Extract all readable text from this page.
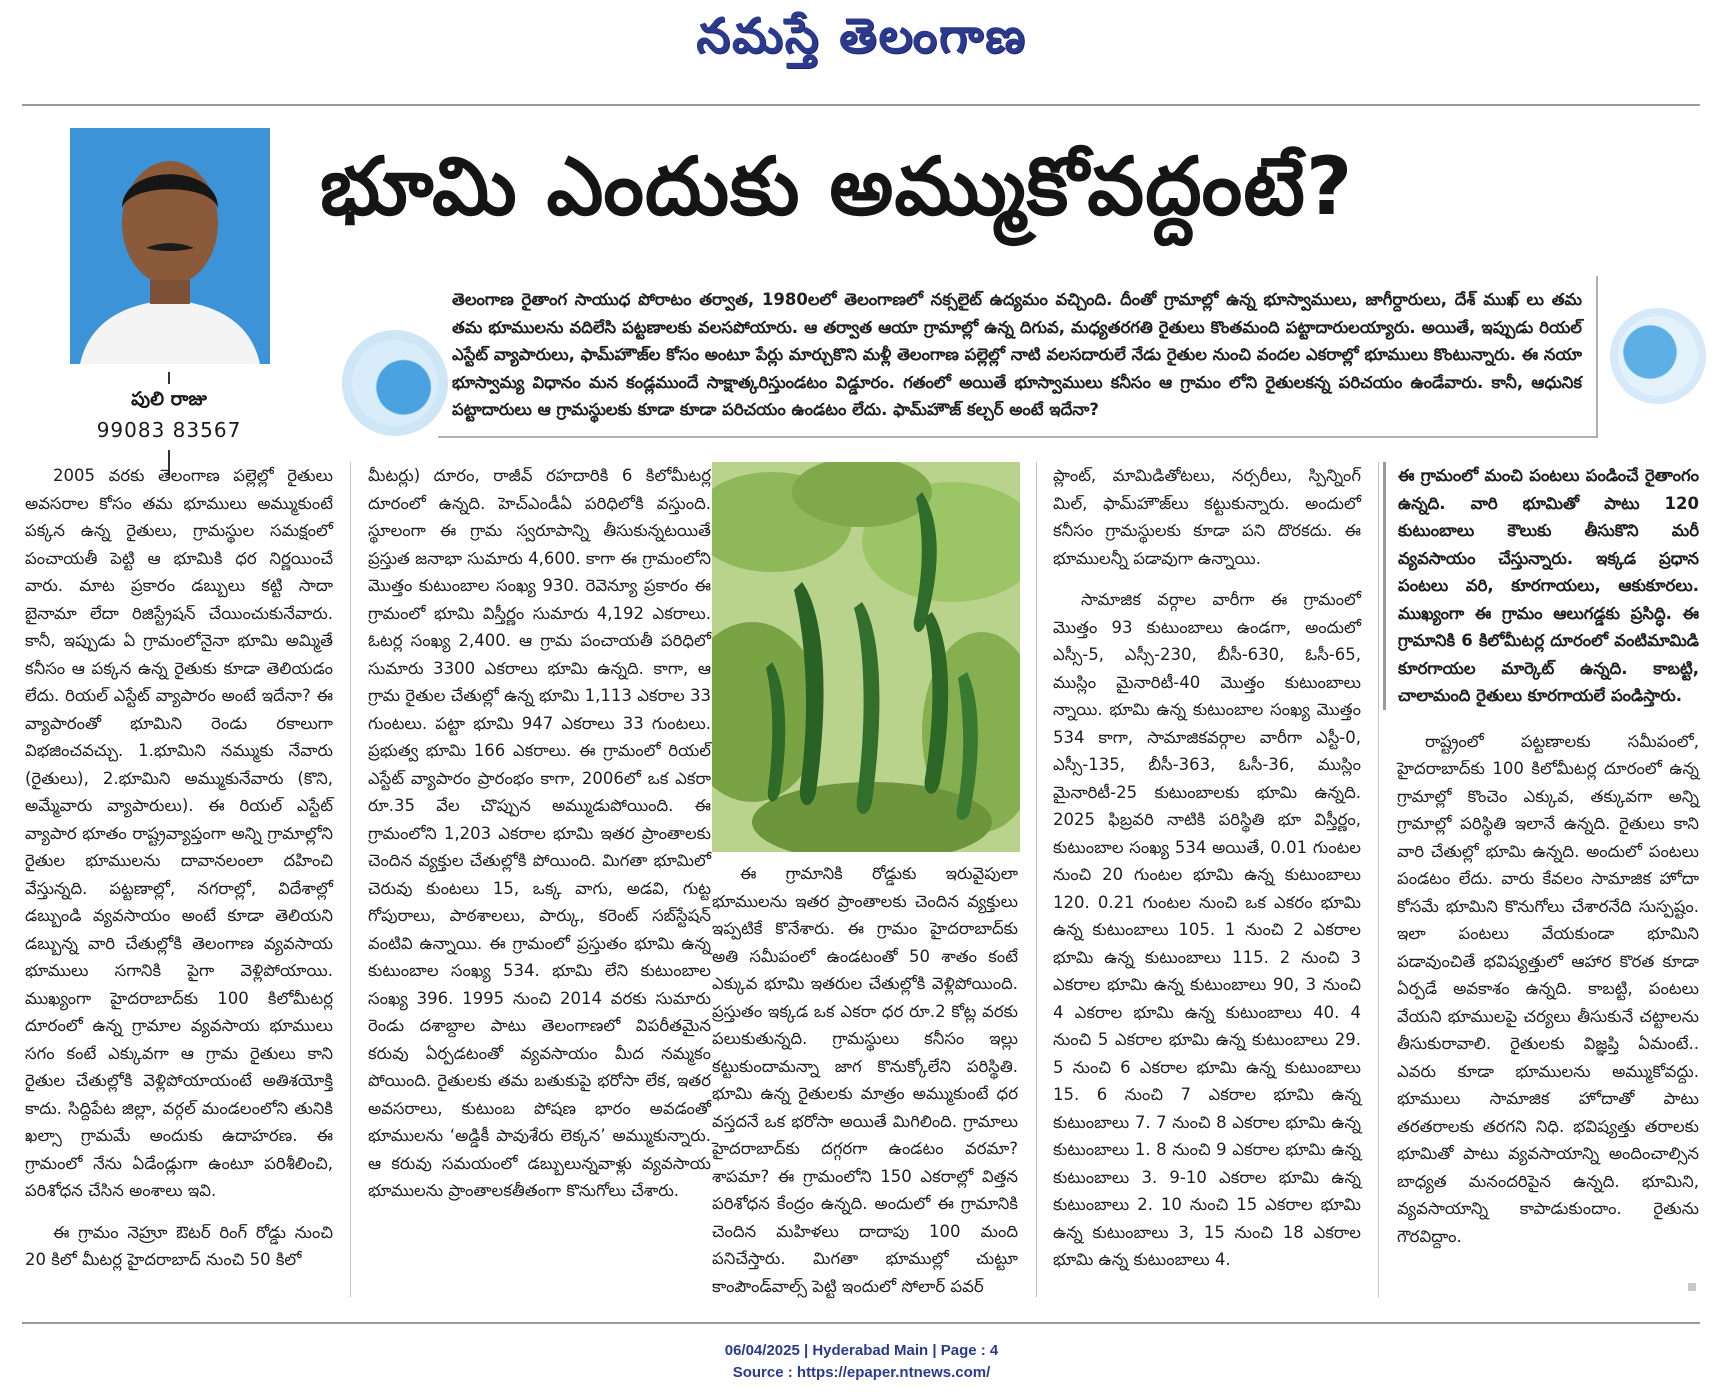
నమస్తే తెలంగాణ
పులి రాజు
99083 83567
భూమి ఎందుకు అమ్ముకోవద్దంటే?
తెలంగాణ రైతాంగ సాయుధ పోరాటం తర్వాత, 1980లలో తెలంగాణలో నక్సలైట్ ఉద్యమం వచ్చింది. దీంతో గ్రామాల్లో ఉన్న భూస్వాములు, జాగీర్దారులు, దేశ్ ముఖ్ లు తమ తమ భూములను వదిలేసి పట్టణాలకు వలసపోయారు. ఆ తర్వాత ఆయా గ్రామాల్లో ఉన్న దిగువ, మధ్యతరగతి రైతులు కొంతమంది పట్టాదారులయ్యారు. అయితే, ఇప్పుడు రియల్ ఎస్టేట్ వ్యాపారులు, ఫామ్‌హౌజ్‌ల కోసం అంటూ పేర్లు మార్చుకొని మళ్లీ తెలంగాణ పల్లెల్లో నాటి వలసదారులే నేడు రైతుల నుంచి వందల ఎకరాల్లో భూములు కొంటున్నారు. ఈ నయా భూస్వామ్య విధానం మన కండ్లముందే సాక్షాత్కరిస్తుండటం విడ్డూరం. గతంలో అయితే భూస్వాములు కనీసం ఆ గ్రామం లోని రైతులకన్న పరిచయం ఉండేవారు. కానీ, ఆధునిక పట్టాదారులు ఆ గ్రామస్థులకు కూడా కూడా పరిచయం ఉండటం లేదు. ఫామ్‌హౌజ్ కల్చర్ అంటే ఇదేనా?

2005 వరకు తెలంగాణ పల్లెల్లో రైతులు అవసరాల కోసం తమ భూములు అమ్ముకుంటే పక్కన ఉన్న రైతులు, గ్రామస్థుల సమక్షంలో పంచాయతీ పెట్టి ఆ భూమికి ధర నిర్ణయించే వారు. మాట ప్రకారం డబ్బులు కట్టి సాదా బైనామా లేదా రిజిస్ట్రేషన్ చేయించుకునేవారు. కానీ, ఇప్పుడు ఏ గ్రామంలోనైనా భూమి అమ్మితే కనీసం ఆ పక్కన ఉన్న రైతుకు కూడా తెలియడం లేదు. రియల్ ఎస్టేట్ వ్యాపారం అంటే ఇదేనా? ఈ వ్యాపారంతో భూమిని రెండు రకాలుగా విభజించవచ్చు. 1.భూమిని నమ్ముకు నేవారు (రైతులు), 2.భూమిని అమ్ముకునేవారు (కొని, అమ్మేవారు వ్యాపారులు). ఈ రియల్ ఎస్టేట్ వ్యాపార భూతం రాష్ట్రవ్యాప్తంగా అన్ని గ్రామాల్లోని రైతుల భూములను దావానలంలా దహించి వేస్తున్నది. పట్టణాల్లో, నగరాల్లో, విదేశాల్లో డబ్బుండి వ్యవసాయం అంటే కూడా తెలియని డబ్బున్న వారి చేతుల్లోకి తెలంగాణ వ్యవసాయ భూములు సగానికి పైగా వెళ్లిపోయాయి. ముఖ్యంగా హైదరాబాద్‌కు 100 కిలోమీటర్ల దూరంలో ఉన్న గ్రామాల వ్యవసాయ భూములు సగం కంటే ఎక్కువగా ఆ గ్రామ రైతులు కాని రైతుల చేతుల్లోకి వెళ్లిపోయాయంటే అతిశయోక్తి కాదు. సిద్దిపేట జిల్లా, వర్గల్ మండలంలోని తునికి ఖల్సా గ్రామమే అందుకు ఉదాహరణ. ఈ గ్రామంలో నేను ఏడేండ్లుగా ఉంటూ పరిశీలించి, పరిశోధన చేసిన అంశాలు ఇవి.

ఈ గ్రామం నెహ్రూ ఔటర్ రింగ్ రోడ్డు నుంచి 20 కిలో మీటర్ల హైదరాబాద్ నుంచి 50 కిలో

మీటర్లు) దూరం, రాజీవ్ రహదారికి 6 కిలోమీటర్ల దూరంలో ఉన్నది. హెచ్ఎండీఏ పరిధిలోకి వస్తుంది. స్థూలంగా ఈ గ్రామ స్వరూపాన్ని తీసుకున్నటయితే ప్రస్తుత జనాభా సుమారు 4,600. కాగా ఈ గ్రామంలోని మొత్తం కుటుంబాల సంఖ్య 930. రెవెన్యూ ప్రకారం ఈ గ్రామంలో భూమి విస్తీర్ణం సుమారు 4,192 ఎకరాలు. ఓటర్ల సంఖ్య 2,400. ఆ గ్రామ పంచాయతీ పరిధిలో సుమారు 3300 ఎకరాలు భూమి ఉన్నది. కాగా, ఆ గ్రామ రైతుల చేతుల్లో ఉన్న భూమి 1,113 ఎకరాల 33 గుంటలు. పట్టా భూమి 947 ఎకరాలు 33 గుంటలు. ప్రభుత్వ భూమి 166 ఎకరాలు. ఈ గ్రామంలో రియల్ ఎస్టేట్ వ్యాపారం ప్రారంభం కాగా, 2006లో ఒక ఎకరా రూ.35 వేల చొప్పున అమ్ముడుపోయింది. ఈ గ్రామంలోని 1,203 ఎకరాల భూమి ఇతర ప్రాంతాలకు చెందిన వ్యక్తుల చేతుల్లోకి పోయింది. మిగతా భూమిలో చెరువు కుంటలు 15, ఒక్క వాగు, అడవి, గుట్ట గోపురాలు, పాఠశాలలు, పార్కు, కరెంట్ సబ్‌స్టేషన్ వంటివి ఉన్నాయి. ఈ గ్రామంలో ప్రస్తుతం భూమి ఉన్న కుటుంబాల సంఖ్య 534. భూమి లేని కుటుంబాల సంఖ్య 396. 1995 నుంచి 2014 వరకు సుమారు రెండు దశాబ్దాల పాటు తెలంగాణలో విపరీతమైన కరువు ఏర్పడటంతో వ్యవసాయం మీద నమ్మకం పోయింది. రైతులకు తమ బతుకుపై భరోసా లేక, ఇతర అవసరాలు, కుటుంబ పోషణ భారం అవడంతో భూములను ‘అడ్డికీ పావుశేరు లెక్కన’ అమ్ముకున్నారు. ఆ కరువు సమయంలో డబ్బులున్నవాళ్లు వ్యవసాయ భూములను ప్రాంతాలకతీతంగా కొనుగోలు చేశారు.

ఈ గ్రామానికి రోడ్డుకు ఇరువైపులా భూములను ఇతర ప్రాంతాలకు చెందిన వ్యక్తులు ఇప్పటికే కొనేశారు. ఈ గ్రామం హైదరాబాద్‌కు అతి సమీపంలో ఉండటంతో 50 శాతం కంటే ఎక్కువ భూమి ఇతరుల చేతుల్లోకి వెళ్లిపోయింది. ప్రస్తుతం ఇక్కడ ఒక ఎకరా ధర రూ.2 కోట్ల వరకు పలుకుతున్నది. గ్రామస్థులు కనీసం ఇల్లు కట్టుకుందామన్నా జాగ కొనుక్కోలేని పరిస్థితి. భూమి ఉన్న రైతులకు మాత్రం అమ్ముకుంటే ధర వస్తదనే ఒక భరోసా అయితే మిగిలింది. గ్రామాలు హైదరాబాద్‌కు దగ్గరగా ఉండటం వరమా? శాపమా? ఈ గ్రామంలోని 150 ఎకరాల్లో విత్తన పరిశోధన కేంద్రం ఉన్నది. అందులో ఈ గ్రామానికి చెందిన మహిళలు దాదాపు 100 మంది పనిచేస్తారు. మిగతా భూముల్లో చుట్టూ కాంపౌండ్‌వాల్స్ పెట్టి ఇందులో సోలార్ పవర్

ప్లాంట్, మామిడితోటలు, నర్సరీలు, స్పిన్నింగ్ మిల్, ఫామ్‌హౌజ్‌లు కట్టుకున్నారు. అందులో కనీసం గ్రామస్థులకు కూడా పని దొరకదు. ఈ భూములన్నీ పడావుగా ఉన్నాయి.

సామాజిక వర్గాల వారీగా ఈ గ్రామంలో మొత్తం 93 కుటుంబాలు ఉండగా, అందులో ఎస్సీ-5, ఎస్సీ-230, బీసీ-630, ఓసీ-65, ముస్లిం మైనారిటీ-40 మొత్తం కుటుంబాలు న్నాయి. భూమి ఉన్న కుటుంబాల సంఖ్య మొత్తం 534 కాగా, సామాజికవర్గాల వారీగా ఎస్టీ-0, ఎస్సీ-135, బీసీ-363, ఓసీ-36, ముస్లిం మైనారిటీ-25 కుటుంబాలకు భూమి ఉన్నది. 2025 ఫిబ్రవరి నాటికి పరిస్థితి భూ విస్తీర్ణం, కుటుంబాల సంఖ్య 534 అయితే, 0.01 గుంటల నుంచి 20 గుంటల భూమి ఉన్న కుటుంబాలు 120. 0.21 గుంటల నుంచి ఒక ఎకరం భూమి ఉన్న కుటుంబాలు 105. 1 నుంచి 2 ఎకరాల భూమి ఉన్న కుటుంబాలు 115. 2 నుంచి 3 ఎకరాల భూమి ఉన్న కుటుంబాలు 90, 3 నుంచి 4 ఎకరాల భూమి ఉన్న కుటుంబాలు 40. 4 నుంచి 5 ఎకరాల భూమి ఉన్న కుటుంబాలు 29. 5 నుంచి 6 ఎకరాల భూమి ఉన్న కుటుంబాలు 15. 6 నుంచి 7 ఎకరాల భూమి ఉన్న కుటుంబాలు 7. 7 నుంచి 8 ఎకరాల భూమి ఉన్న కుటుంబాలు 1. 8 నుంచి 9 ఎకరాల భూమి ఉన్న కుటుంబాలు 3. 9-10 ఎకరాల భూమి ఉన్న కుటుంబాలు 2. 10 నుంచి 15 ఎకరాల భూమి ఉన్న కుటుంబాలు 3, 15 నుంచి 18 ఎకరాల భూమి ఉన్న కుటుంబాలు 4.

ఈ గ్రామంలో మంచి పంటలు పండించే రైతాంగం ఉన్నది. వారి భూమితో పాటు 120 కుటుంబాలు కౌలుకు తీసుకొని మరీ వ్యవసాయం చేస్తున్నారు. ఇక్కడ ప్రధాన పంటలు వరి, కూరగాయలు, ఆకుకూరలు. ముఖ్యంగా ఈ గ్రామం ఆలుగడ్డకు ప్రసిద్ధి. ఈ గ్రామానికి 6 కిలోమీటర్ల దూరంలో వంటిమామిడి కూరగాయల మార్కెట్ ఉన్నది. కాబట్టి, చాలామంది రైతులు కూరగాయలే పండిస్తారు.

రాష్ట్రంలో పట్టణాలకు సమీపంలో, హైదరాబాద్‌కు 100 కిలోమీటర్ల దూరంలో ఉన్న గ్రామాల్లో కొంచెం ఎక్కువ, తక్కువగా అన్ని గ్రామాల్లో పరిస్థితి ఇలానే ఉన్నది. రైతులు కాని వారి చేతుల్లో భూమి ఉన్నది. అందులో పంటలు పండటం లేదు. వారు కేవలం సామాజిక హోదా కోసమే భూమిని కొనుగోలు చేశారనేది సుస్పష్టం. ఇలా పంటలు వేయకుండా భూమిని పడావుంచితే భవిష్యత్తులో ఆహార కొరత కూడా ఏర్పడే అవకాశం ఉన్నది. కాబట్టి, పంటలు వేయని భూములపై చర్యలు తీసుకునే చట్టాలను తీసుకురావాలి. రైతులకు విజ్ఞప్తి ఏమంటే.. ఎవరు కూడా భూములను అమ్ముకోవద్దు. భూములు సామాజిక హోదాతో పాటు తరతరాలకు తరగని నిధి. భవిష్యత్తు తరాలకు భూమితో పాటు వ్యవసాయాన్ని అందించాల్సిన బాధ్యత మనందరిపైన ఉన్నది. భూమిని, వ్యవసాయాన్ని కాపాడుకుందాం. రైతును గౌరవిద్దాం.

06/04/2025 | Hyderabad Main | Page : 4
Source : https://epaper.ntnews.com/
